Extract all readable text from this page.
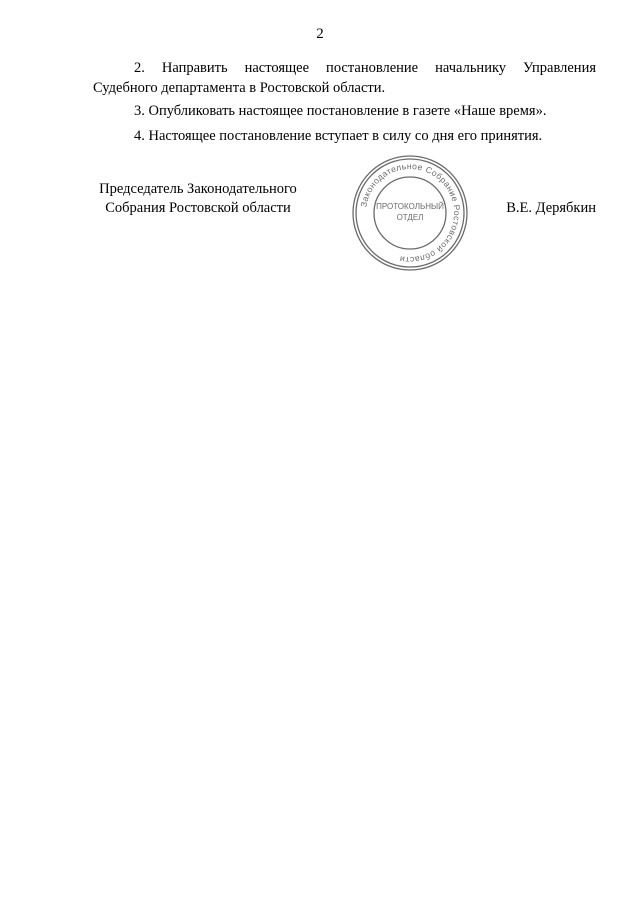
2
2. Направить настоящее постановление начальнику Управления
Судебного департамента в Ростовской области.
3. Опубликовать настоящее постановление в газете «Наше время».
4. Настоящее постановление вступает в силу со дня его принятия.
Председатель Законодательного
Собрания Ростовской области	Законодательное Собрание Ростовской области
ПРОТОКОЛЬНЫЙ
ОТДЕЛ
В.Е. Дерябкин
